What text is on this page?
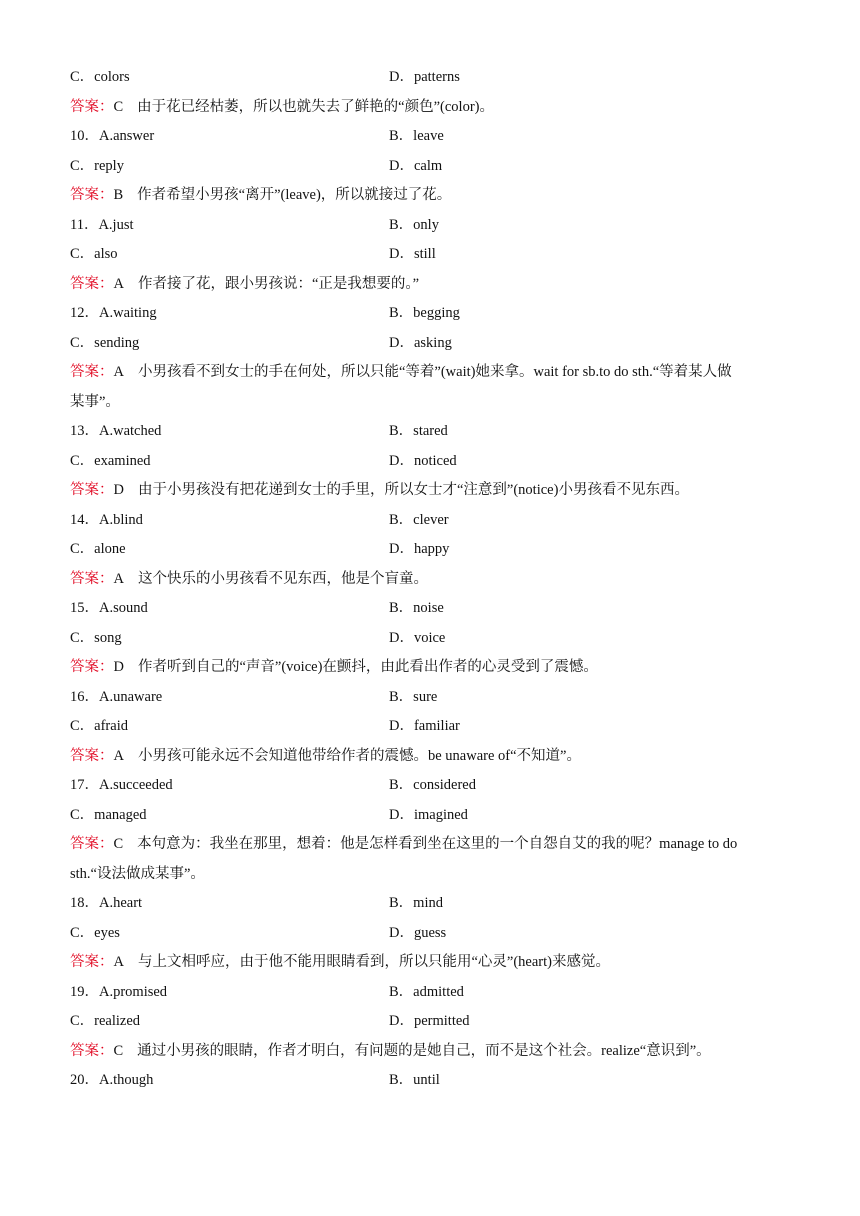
C．colors	D．patterns
答案：C 由于花已经枯萎，所以也就失去了鲜艳的“颜色”(color)。
10．A.answer	B．leave
C．reply	D．calm
答案：B 作者希望小男孩“离开”(leave)，所以就接过了花。
11．A.just	B．only
C．also	D．still
答案：A 作者接了花，跟小男孩说：“正是我想要的。”
12．A.waiting	B．begging
C．sending	D．asking
答案：A 小男孩看不到女士的手在何处，所以只能“等着”(wait)她来拿。wait for sb.to do sth.“等着某人做
某事”。
13．A.watched	B．stared
C．examined	D．noticed
答案：D 由于小男孩没有把花递到女士的手里，所以女士才“注意到”(notice)小男孩看不见东西。
14．A.blind	B．clever
C．alone	D．happy
答案：A 这个快乐的小男孩看不见东西，他是个盲童。
15．A.sound	B．noise
C．song	D．voice
答案：D 作者听到自己的“声音”(voice)在颤抖，由此看出作者的心灵受到了震憾。
16．A.unaware	B．sure
C．afraid	D．familiar
答案：A 小男孩可能永远不会知道他带给作者的震憾。be unaware of“不知道”。
17．A.succeeded	B．considered
C．managed	D．imagined
答案：C 本句意为：我坐在那里，想着：他是怎样看到坐在这里的一个自怨自艾的我的呢？manage to do
sth.“设法做成某事”。
18．A.heart	B．mind
C．eyes	D．guess
答案：A 与上文相呼应，由于他不能用眼睛看到，所以只能用“心灵”(heart)来感觉。
19．A.promised	B．admitted
C．realized	D．permitted
答案：C 通过小男孩的眼睛，作者才明白，有问题的是她自己，而不是这个社会。realize“意识到”。
20．A.though	B．until
